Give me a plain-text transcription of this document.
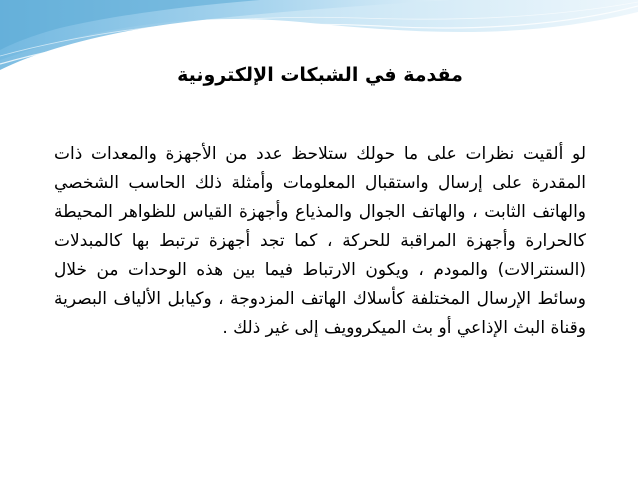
مقدمة في الشبكات الإلكترونية

لو ألقيت نظرات على ما حولك ستلاحظ عدد من الأجهزة والمعدات ذات المقدرة على إرسال واستقبال المعلومات وأمثلة ذلك الحاسب الشخصي والهاتف الثابت ، والهاتف الجوال والمذياع وأجهزة القياس للظواهر المحيطة كالحرارة وأجهزة المراقبة للحركة ، كما تجد أجهزة ترتبط بها كالمبدلات (السنترالات) والمودم ، ويكون الارتباط فيما بين هذه الوحدات من خلال وسائط الإرسال المختلفة كأسلاك الهاتف المزدوجة ، وكيابل الألياف البصرية وقناة البث الإذاعي أو بث الميكروويف إلى غير ذلك .
